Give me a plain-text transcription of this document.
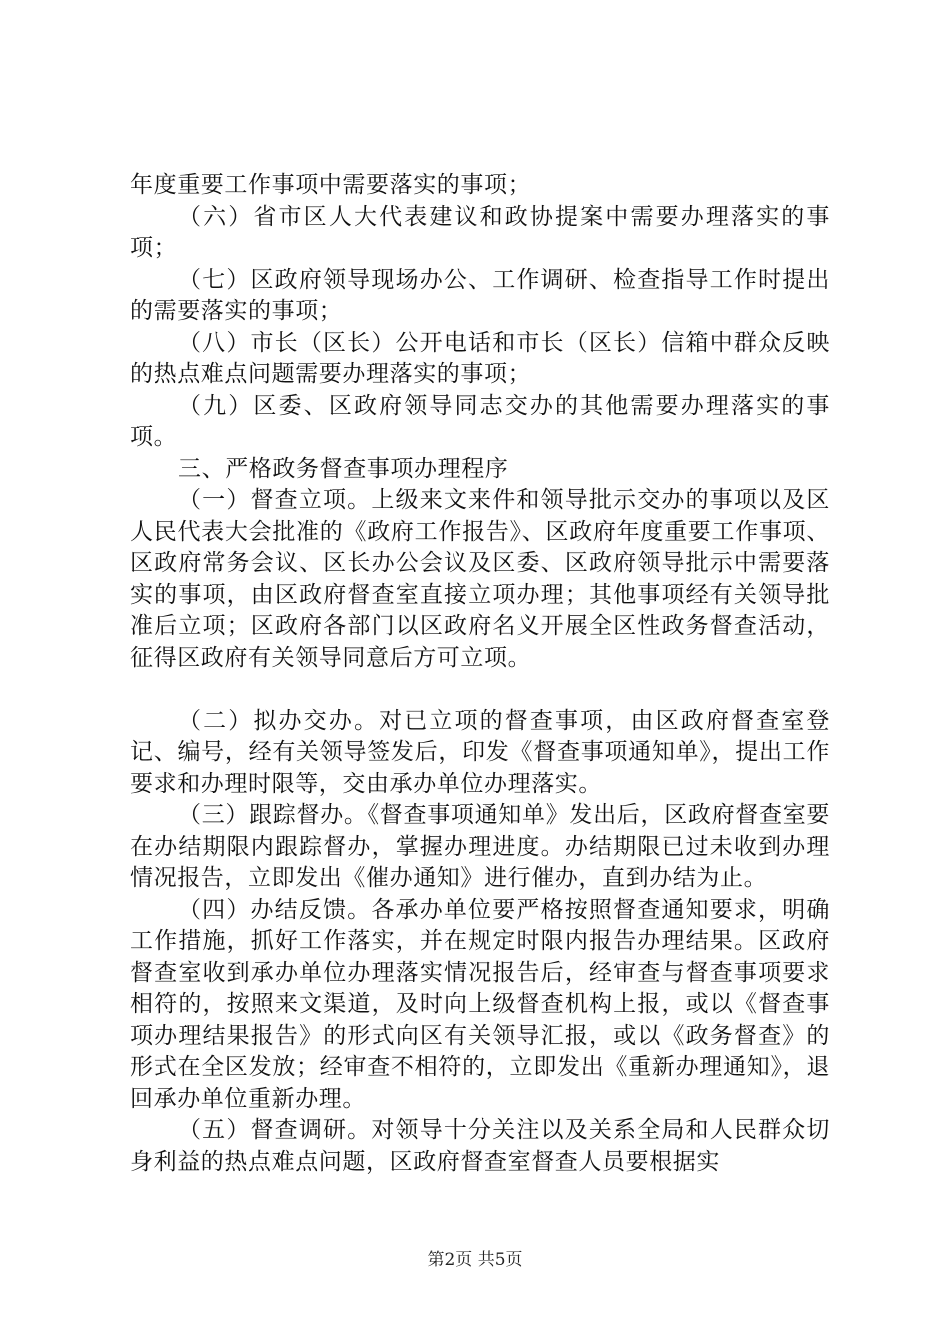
年度重要工作事项中需要落实的事项；

（六）省市区人大代表建议和政协提案中需要办理落实的事项；

（七）区政府领导现场办公、工作调研、检查指导工作时提出的需要落实的事项；

（八）市长（区长）公开电话和市长（区长）信箱中群众反映的热点难点问题需要办理落实的事项；

（九）区委、区政府领导同志交办的其他需要办理落实的事项。

三、严格政务督查事项办理程序

（一）督查立项。上级来文来件和领导批示交办的事项以及区人民代表大会批准的《政府工作报告》、区政府年度重要工作事项、区政府常务会议、区长办公会议及区委、区政府领导批示中需要落实的事项，由区政府督查室直接立项办理；其他事项经有关领导批准后立项；区政府各部门以区政府名义开展全区性政务督查活动，征得区政府有关领导同意后方可立项。

（二）拟办交办。对已立项的督查事项，由区政府督查室登记、编号，经有关领导签发后，印发《督查事项通知单》，提出工作要求和办理时限等，交由承办单位办理落实。

（三）跟踪督办。《督查事项通知单》发出后，区政府督查室要在办结期限内跟踪督办，掌握办理进度。办结期限已过未收到办理情况报告，立即发出《催办通知》进行催办，直到办结为止。

（四）办结反馈。各承办单位要严格按照督查通知要求，明确工作措施，抓好工作落实，并在规定时限内报告办理结果。区政府督查室收到承办单位办理落实情况报告后，经审查与督查事项要求相符的，按照来文渠道，及时向上级督查机构上报，或以《督查事项办理结果报告》的形式向区有关领导汇报，或以《政务督查》的形式在全区发放；经审查不相符的，立即发出《重新办理通知》，退回承办单位重新办理。

（五）督查调研。对领导十分关注以及关系全局和人民群众切身利益的热点难点问题，区政府督查室督查人员要根据实

第2页 共5页
